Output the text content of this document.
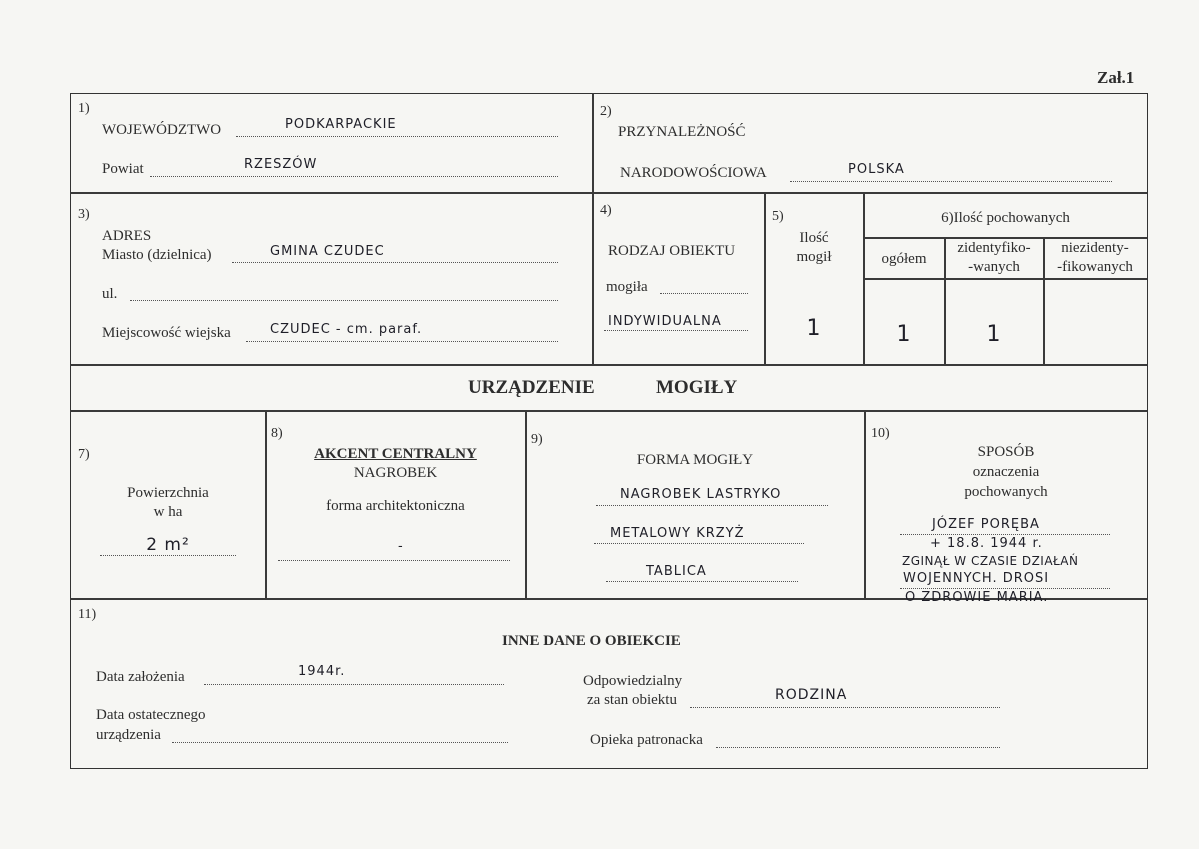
Zał.1
1)
WOJEWÓDZTWO	PODKARPACKIE
Powiat	RZESZÓW
2)
PRZYNALEŻNOŚĆ
NARODOWOŚCIOWA	POLSKA
3)
ADRES
Miasto (dzielnica)	GMINA CZUDEC
ul.
Miejscowość wiejska	CZUDEC - cm. paraf.
4)
RODZAJ OBIEKTU
mogiła
INDYWIDUALNA
5)
Ilość
mogił
1
6)Ilość pochowanych
ogółem
zidentyfiko-
-wanych
niezidenty-
-fikowanych
1	1
URZĄDZENIE	MOGIŁY
7)
Powierzchnia
w ha
2 m²
8)
AKCENT CENTRALNY
NAGROBEK
forma architektoniczna
-
9)
FORMA MOGIŁY
NAGROBEK LASTRYKO
METALOWY KRZYŻ
TABLICA
10)
SPOSÓB
oznaczenia
pochowanych
JÓZEF PORĘBA
+ 18.8. 1944 r.
ZGINĄŁ W CZASIE DZIAŁAŃ
WOJENNYCH. DROSI
O ZDROWIE MARIA.
11)
INNE DANE O OBIEKCIE
Data założenia	1944r.
Data ostatecznego
urządzenia
Odpowiedzialny
za stan obiektu	RODZINA
Opieka patronacka
